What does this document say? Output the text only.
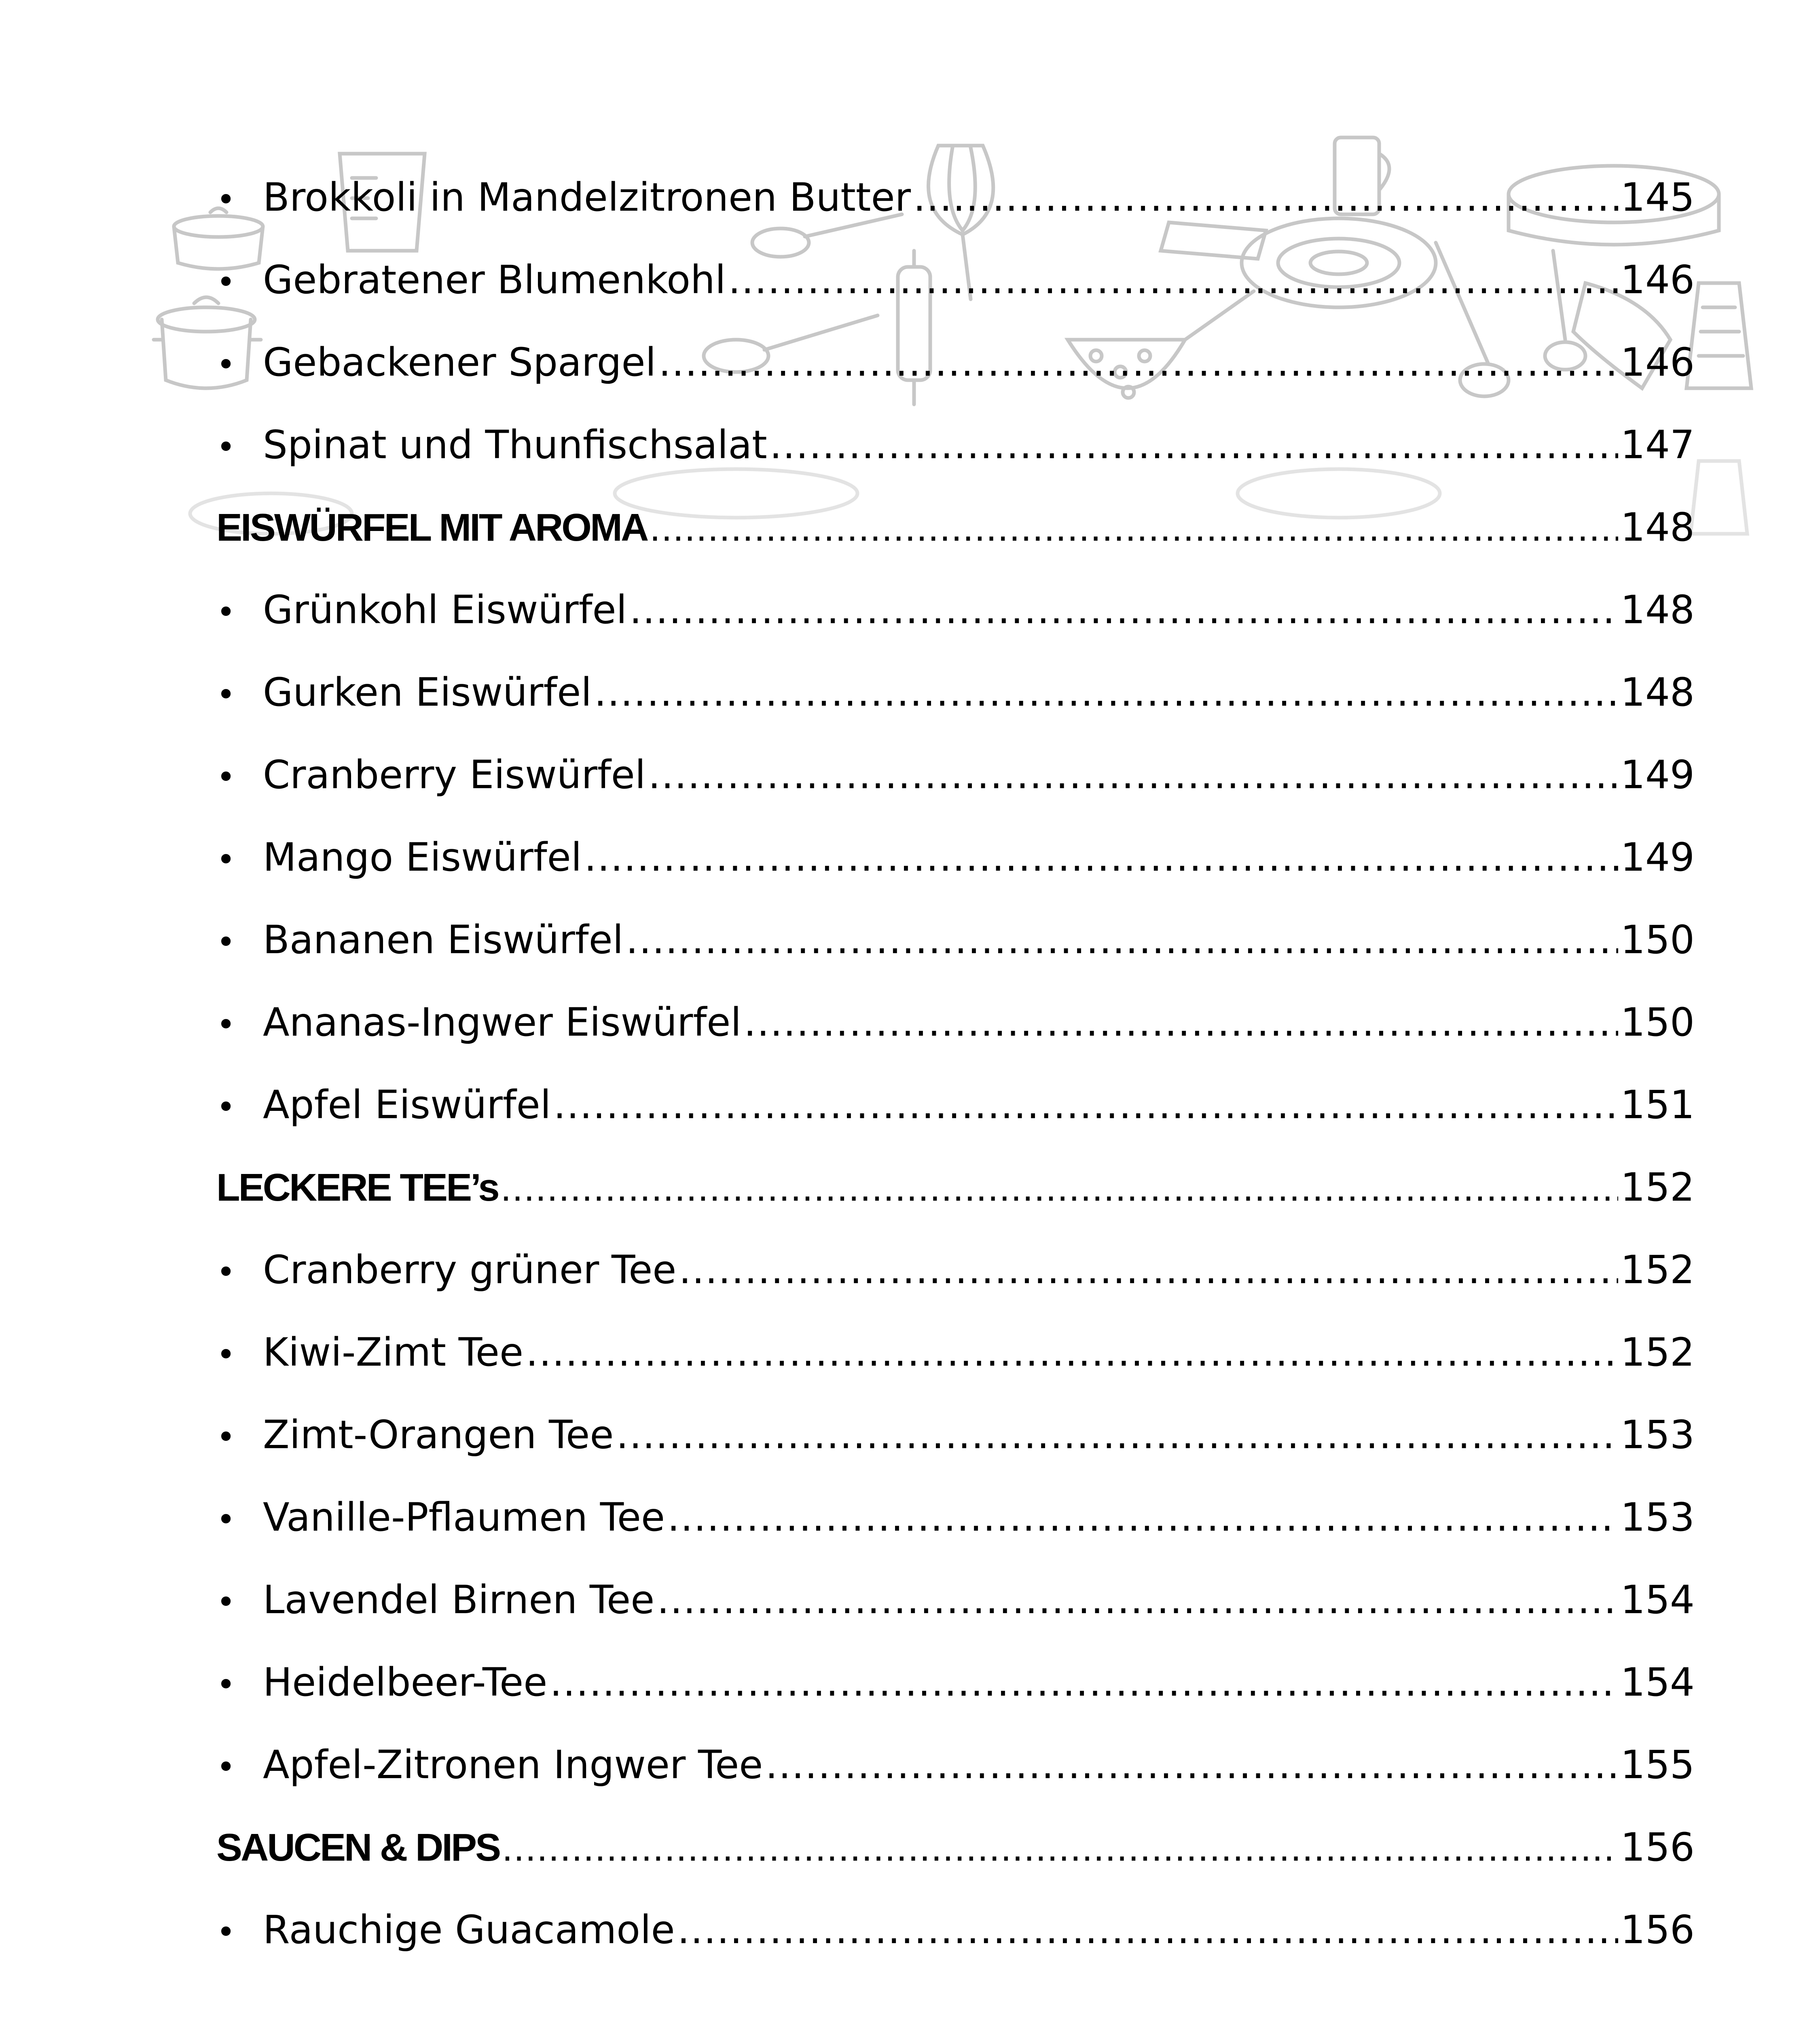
• Brokkoli in Mandelzitronen Butter .....	145
• Gebratener Blumenkohl .....	146
• Gebackener Spargel .....	146
• Spinat und Thunfischsalat .....	147
EISWÜRFEL MIT AROMA .....	148
• Grünkohl Eiswürfel .....	148
• Gurken Eiswürfel .....	148
• Cranberry Eiswürfel .....	149
• Mango Eiswürfel .....	149
• Bananen Eiswürfel .....	150
• Ananas-Ingwer Eiswürfel .....	150
• Apfel Eiswürfel .....	151
LECKERE TEE’s .....	152
• Cranberry grüner Tee .....	152
• Kiwi-Zimt Tee .....	152
• Zimt-Orangen Tee .....	153
• Vanille-Pflaumen Tee .....	153
• Lavendel Birnen Tee .....	154
• Heidelbeer-Tee .....	154
• Apfel-Zitronen Ingwer Tee .....	155
SAUCEN & DIPS .....	156
• Rauchige Guacamole .....	156
